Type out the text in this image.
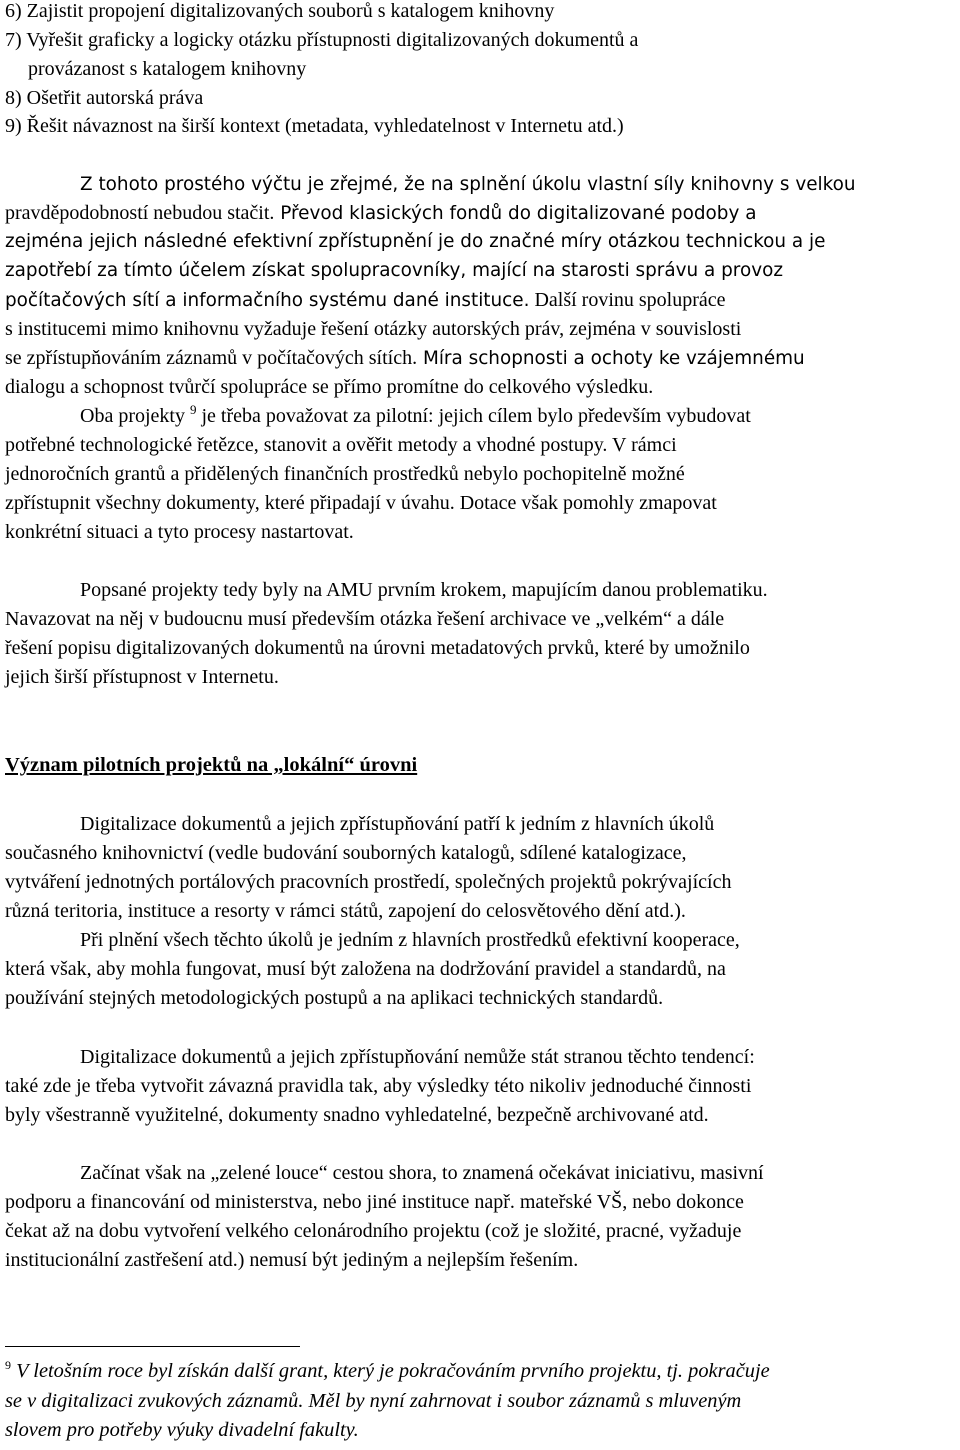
6) Zajistit propojení digitalizovaných souborů s katalogem knihovny
7) Vyřešit graficky a logicky otázku přístupnosti digitalizovaných dokumentů a
provázanost s katalogem knihovny
8) Ošetřit autorská práva
9) Řešit návaznost na širší kontext (metadata, vyhledatelnost v Internetu atd.)
Z tohoto prostého výčtu je zřejmé, že na splnění úkolu vlastní síly knihovny s velkou
pravděpodobností nebudou stačit. Převod klasických fondů do digitalizované podoby a
zejména jejich následné efektivní zpřístupnění je do značné míry otázkou technickou a je
zapotřebí za tímto účelem získat spolupracovníky, mající na starosti správu a provoz
počítačových sítí a informačního systému dané instituce. Další rovinu spolupráce
s institucemi mimo knihovnu vyžaduje řešení otázky autorských práv, zejména v souvislosti
se zpřístupňováním záznamů v počítačových sítích. Míra schopnosti a ochoty ke vzájemnému
dialogu a schopnost tvůrčí spolupráce se přímo promítne do celkového výsledku.
Oba projekty $^9$ je třeba považovat za pilotní: jejich cílem bylo především vybudovat
potřebné technologické řetězce, stanovit a ověřit metody a vhodné postupy. V rámci
jednoročních grantů a přidělených finančních prostředků nebylo pochopitelně možné
zpřístupnit všechny dokumenty, které připadají v úvahu. Dotace však pomohly zmapovat
konkrétní situaci a tyto procesy nastartovat.
Popsané projekty tedy byly na AMU prvním krokem, mapujícím danou problematiku.
Navazovat na něj v budoucnu musí především otázka řešení archivace ve „velkém“ a dále
řešení popisu digitalizovaných dokumentů na úrovni metadatových prvků, které by umožnilo
jejich širší přístupnost v Internetu.
Význam pilotních projektů na „lokální“ úrovni
Digitalizace dokumentů a jejich zpřístupňování patří k jedním z hlavních úkolů
současného knihovnictví (vedle budování souborných katalogů, sdílené katalogizace,
vytváření jednotných portálových pracovních prostředí, společných projektů pokrývajících
různá teritoria, instituce a resorty v rámci států, zapojení do celosvětového dění atd.).
Při plnění všech těchto úkolů je jedním z hlavních prostředků efektivní kooperace,
která však, aby mohla fungovat, musí být založena na dodržování pravidel a standardů, na
používání stejných metodologických postupů a na aplikaci technických standardů.
Digitalizace dokumentů a jejich zpřístupňování nemůže stát stranou těchto tendencí:
také zde je třeba vytvořit závazná pravidla tak, aby výsledky této nikoliv jednoduché činnosti
byly všestranně využitelné, dokumenty snadno vyhledatelné, bezpečně archivované atd.
Začínat však na „zelené louce“ cestou shora, to znamená očekávat iniciativu, masivní
podporu a financování od ministerstva, nebo jiné instituce např. mateřské VŠ, nebo dokonce
čekat až na dobu vytvoření velkého celonárodního projektu (což je složité, pracné, vyžaduje
institucionální zastřešení atd.) nemusí být jediným a nejlepším řešením.
$^9$ V letošním roce byl získán další grant, který je pokračováním prvního projektu, tj. pokračuje
se v digitalizaci zvukových záznamů. Měl by nyní zahrnovat i soubor záznamů s mluveným
slovem pro potřeby výuky divadelní fakulty.
